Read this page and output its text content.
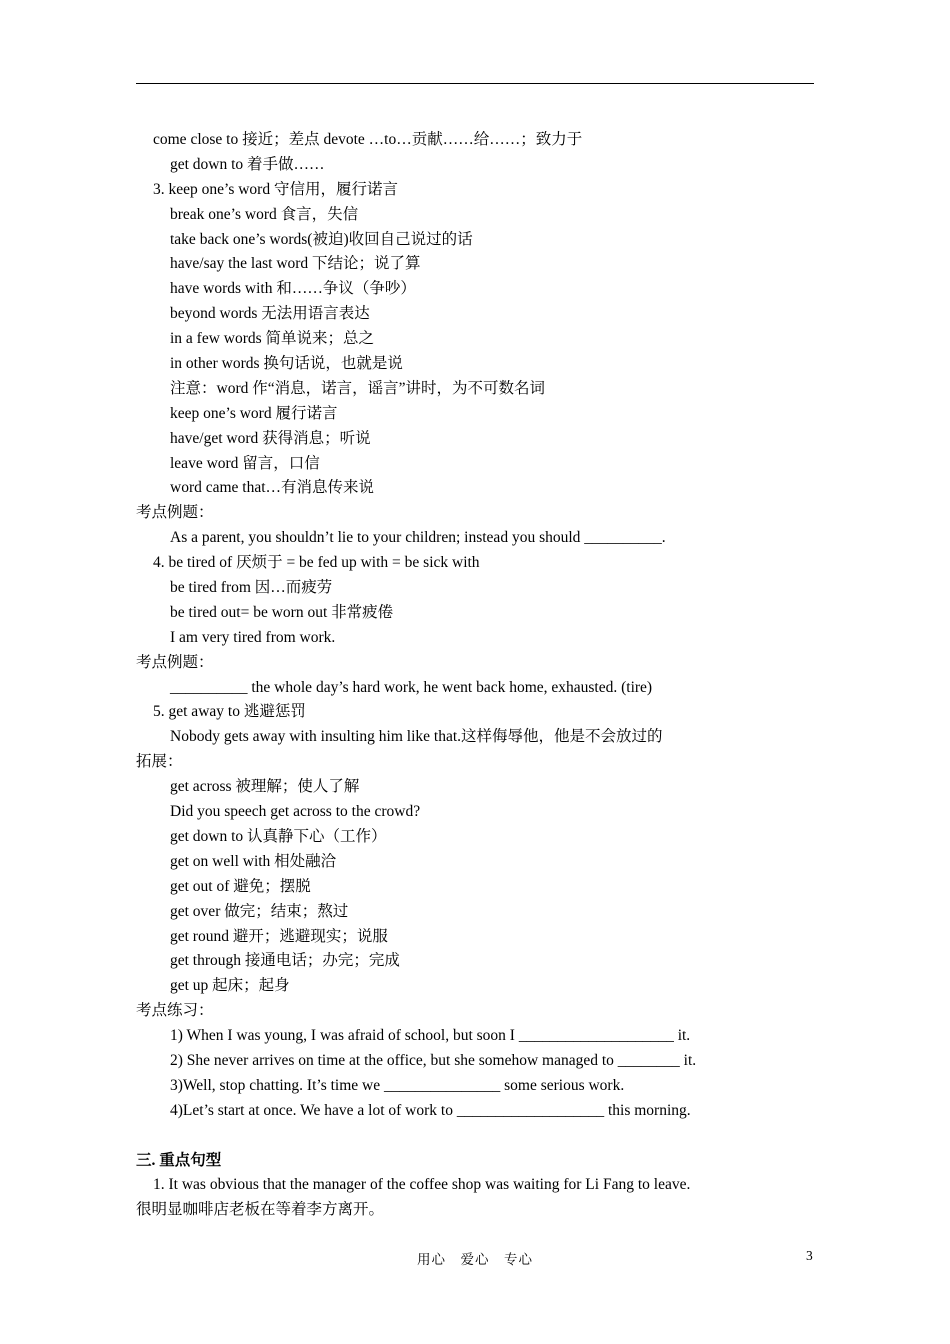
come close to 接近；差点 devote …to…贡献……给……；致力于
get down to 着手做……
3. keep one’s word 守信用，履行诺言
break one’s word 食言，失信
take back one’s words(被迫)收回自己说过的话
have/say the last word 下结论；说了算
have words with 和……争议（争吵）
beyond words 无法用语言表达
in a few words 简单说来；总之
in other words 换句话说，也就是说
注意：word 作“消息，诺言，谣言”讲时，为不可数名词
keep one’s word 履行诺言
have/get word 获得消息；听说
leave word 留言，口信
word came that…有消息传来说
考点例题：
As a parent, you shouldn’t lie to your children; instead you should __________.
4. be tired of 厌烦于 = be fed up with = be sick with
be tired from 因…而疲劳
be tired out= be worn out 非常疲倦
I am very tired from work.
考点例题：
__________ the whole day’s hard work, he went back home, exhausted. (tire)
5. get away to 逃避惩罚
Nobody gets away with insulting him like that.这样侮辱他，他是不会放过的
拓展：
get across 被理解；使人了解
Did you speech get across to the crowd?
get down to 认真静下心（工作）
get on well with 相处融洽
get out of 避免；摆脱
get over 做完；结束；熬过
get round 避开；逃避现实；说服
get through 接通电话；办完；完成
get up 起床；起身
考点练习：
1) When I was young, I was afraid of school, but soon I ____________________ it.
2) She never arrives on time at the office, but she somehow managed to ________ it.
3)Well, stop chatting. It’s time we _______________ some serious work.
4)Let’s start at once. We have a lot of work to ___________________ this morning.
三. 重点句型
1. It was obvious that the manager of the coffee shop was waiting for Li Fang to leave.
很明显咖啡店老板在等着李方离开。
用心　爱心　专心	3
